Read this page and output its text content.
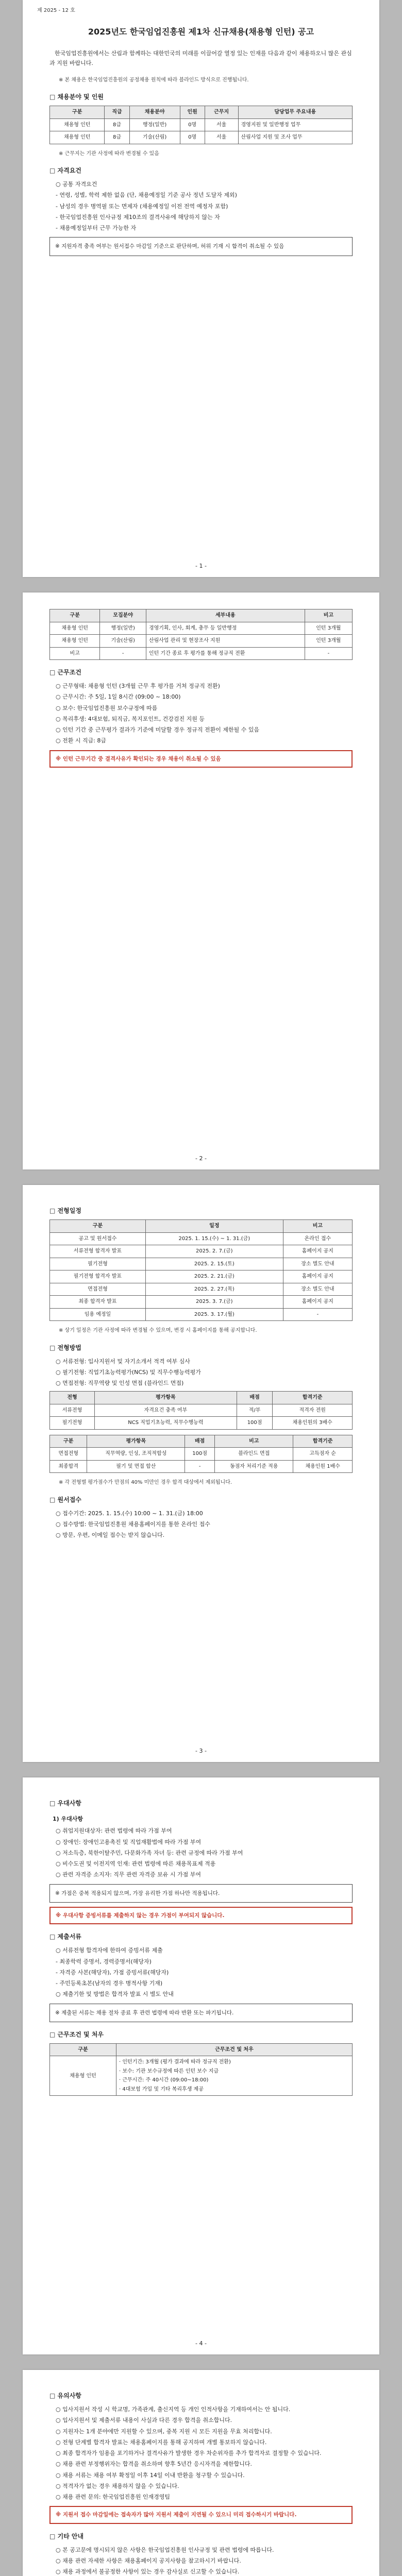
제 2025 - 12 호
2025년도 한국임업진흥원 제1차 신규채용(채용형 인턴) 공고
한국임업진흥원에서는 산림과 함께하는 대한민국의 미래를 이끌어갈 열정 있는 인재를 다음과 같이 채용하오니 많은 관심과 지원 바랍니다.
※ 본 채용은 한국임업진흥원의 공정채용 원칙에 따라 블라인드 방식으로 진행됩니다.
□ 채용분야 및 인원
구분	직급	채용분야	인원	근무지	담당업무 주요내용
채용형 인턴	8급	행정(일반)	0명	서울	경영지원 및 일반행정 업무
채용형 인턴	8급	기술(산림)	0명	서울	산림사업 지원 및 조사 업무
※ 근무지는 기관 사정에 따라 변경될 수 있음
□ 자격요건
○ 공통 자격요건
- 연령, 성별, 학력 제한 없음 (단, 채용예정일 기준 공사 정년 도달자 제외)
- 남성의 경우 병역필 또는 면제자 (채용예정일 이전 전역 예정자 포함)
- 한국임업진흥원 인사규정 제10조의 결격사유에 해당하지 않는 자
- 채용예정일부터 근무 가능한 자
※ 지원자격 충족 여부는 원서접수 마감일 기준으로 판단하며, 허위 기재 시 합격이 취소될 수 있음
- 1 -
구분	모집분야	세부내용	비고
채용형 인턴	행정(일반)	경영기획, 인사, 회계, 총무 등 일반행정	인턴 3개월
채용형 인턴	기술(산림)	산림사업 관리 및 현장조사 지원	인턴 3개월
비고	-	인턴 기간 종료 후 평가를 통해 정규직 전환	-
□ 근무조건
○ 근무형태: 채용형 인턴 (3개월 근무 후 평가를 거쳐 정규직 전환)
○ 근무시간: 주 5일, 1일 8시간 (09:00 ~ 18:00)
○ 보수: 한국임업진흥원 보수규정에 따름
○ 복리후생: 4대보험, 퇴직금, 복지포인트, 건강검진 지원 등
○ 인턴 기간 중 근무평가 결과가 기준에 미달할 경우 정규직 전환이 제한될 수 있음
○ 전환 시 직급: 8급
※ 인턴 근무기간 중 결격사유가 확인되는 경우 채용이 취소될 수 있음
- 2 -
□ 전형일정
구분	일정	비고
공고 및 원서접수	2025. 1. 15.(수) ~ 1. 31.(금)	온라인 접수
서류전형 합격자 발표	2025. 2. 7.(금)	홈페이지 공지
필기전형	2025. 2. 15.(토)	장소 별도 안내
필기전형 합격자 발표	2025. 2. 21.(금)	홈페이지 공지
면접전형	2025. 2. 27.(목)	장소 별도 안내
최종 합격자 발표	2025. 3. 7.(금)	홈페이지 공지
임용 예정일	2025. 3. 17.(월)	-
※ 상기 일정은 기관 사정에 따라 변경될 수 있으며, 변경 시 홈페이지를 통해 공지합니다.
□ 전형방법
○ 서류전형: 입사지원서 및 자기소개서 적격 여부 심사
○ 필기전형: 직업기초능력평가(NCS) 및 직무수행능력평가
○ 면접전형: 직무역량 및 인성 면접 (블라인드 면접)
전형	평가항목	배점	합격기준
서류전형	자격요건 충족 여부	적/부	적격자 전원
필기전형	NCS 직업기초능력, 직무수행능력	100점	채용인원의 3배수
구분	평가항목	배점	비고	합격기준
면접전형	직무역량, 인성, 조직적합성	100점	블라인드 면접	고득점자 순
최종합격	필기 및 면접 합산	-	동점자 처리기준 적용	채용인원 1배수
※ 각 전형별 평가점수가 만점의 40% 미만인 경우 합격 대상에서 제외됩니다.
□ 원서접수
○ 접수기간: 2025. 1. 15.(수) 10:00 ~ 1. 31.(금) 18:00
○ 접수방법: 한국임업진흥원 채용홈페이지를 통한 온라인 접수
○ 방문, 우편, 이메일 접수는 받지 않습니다.
- 3 -
□ 우대사항
1) 우대사항
○ 취업지원대상자: 관련 법령에 따라 가점 부여
○ 장애인: 장애인고용촉진 및 직업재활법에 따라 가점 부여
○ 저소득층, 북한이탈주민, 다문화가족 자녀 등: 관련 규정에 따라 가점 부여
○ 비수도권 및 이전지역 인재: 관련 법령에 따른 채용목표제 적용
○ 관련 자격증 소지자: 직무 관련 자격증 보유 시 가점 부여
※ 가점은 중복 적용되지 않으며, 가장 유리한 가점 하나만 적용됩니다.
※ 우대사항 증빙서류를 제출하지 않는 경우 가점이 부여되지 않습니다.
□ 제출서류
○ 서류전형 합격자에 한하여 증빙서류 제출
- 최종학력 증명서, 경력증명서(해당자)
- 자격증 사본(해당자), 가점 증빙서류(해당자)
- 주민등록초본(남자의 경우 병적사항 기재)
○ 제출기한 및 방법은 합격자 발표 시 별도 안내
※ 제출된 서류는 채용 절차 종료 후 관련 법령에 따라 반환 또는 파기됩니다.
□ 근무조건 및 처우
구분	근무조건 및 처우
채용형 인턴	· 인턴기간: 3개월 (평가 결과에 따라 정규직 전환)
· 보수: 기관 보수규정에 따른 인턴 보수 지급
· 근무시간: 주 40시간 (09:00~18:00)
· 4대보험 가입 및 기타 복리후생 제공
- 4 -
□ 유의사항
○ 입사지원서 작성 시 학교명, 가족관계, 출신지역 등 개인 인적사항을 기재하여서는 안 됩니다.
○ 입사지원서 및 제출서류 내용이 사실과 다른 경우 합격을 취소합니다.
○ 지원자는 1개 분야에만 지원할 수 있으며, 중복 지원 시 모든 지원을 무효 처리합니다.
○ 전형 단계별 합격자 발표는 채용홈페이지를 통해 공지하며 개별 통보하지 않습니다.
○ 최종 합격자가 임용을 포기하거나 결격사유가 발생한 경우 차순위자를 추가 합격자로 결정할 수 있습니다.
○ 채용 관련 부정행위자는 합격을 취소하며 향후 5년간 응시자격을 제한합니다.
○ 채용 서류는 채용 여부 확정일 이후 14일 이내 반환을 청구할 수 있습니다.
○ 적격자가 없는 경우 채용하지 않을 수 있습니다.
○ 채용 관련 문의: 한국임업진흥원 인재경영팀
※ 지원서 접수 마감일에는 접속자가 많아 지원서 제출이 지연될 수 있으니 미리 접수하시기 바랍니다.
□ 기타 안내
○ 본 공고문에 명시되지 않은 사항은 한국임업진흥원 인사규정 및 관련 법령에 따릅니다.
○ 채용 관련 자세한 사항은 채용홈페이지 공지사항을 참고하시기 바랍니다.
○ 채용 과정에서 불공정한 사항이 있는 경우 감사실로 신고할 수 있습니다.
